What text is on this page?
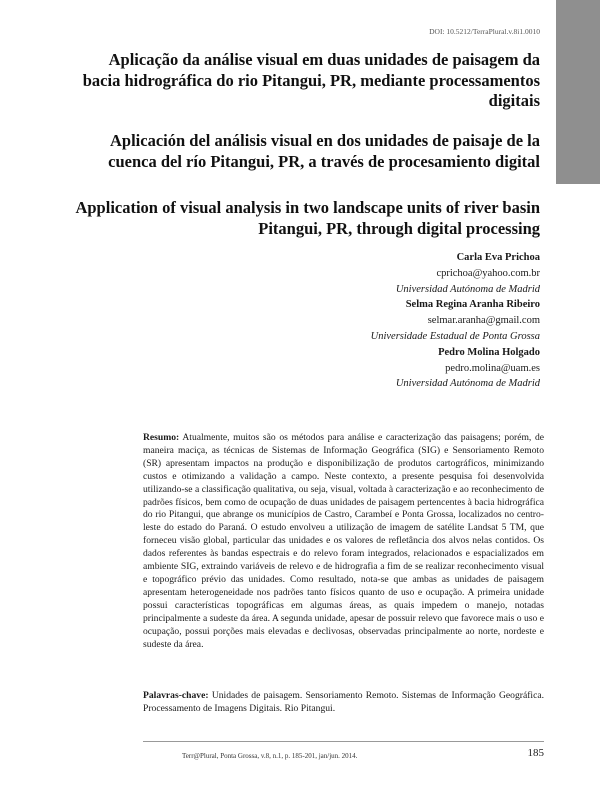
DOI: 10.5212/TerraPlural.v.8i1.0010
Aplicação da análise visual em duas unidades de paisagem da bacia hidrográfica do rio Pitangui, PR, mediante processamentos digitais
Aplicación del análisis visual en dos unidades de paisaje de la cuenca del río Pitangui, PR, a través de procesamiento digital
Application of visual analysis in two landscape units of river basin Pitangui, PR, through digital processing
Carla Eva Prichoa
cprichoa@yahoo.com.br
Universidad Autónoma de Madrid
Selma Regina Aranha Ribeiro
selmar.aranha@gmail.com
Universidade Estadual de Ponta Grossa
Pedro Molina Holgado
pedro.molina@uam.es
Universidad Autónoma de Madrid

Resumo: Atualmente, muitos são os métodos para análise e caracterização das paisagens; porém, de maneira maciça, as técnicas de Sistemas de Informação Geográfica (SIG) e Sensoriamento Remoto (SR) apresentam impactos na produção e disponibilização de produtos cartográficos, minimizando custos e otimizando a validação a campo. Neste contexto, a presente pesquisa foi desenvolvida utilizando-se a classificação qualitativa, ou seja, visual, voltada à caracterização e ao reconhecimento de padrões físicos, bem como de ocupação de duas unidades de paisagem pertencentes à bacia hidrográfica do rio Pitangui, que abrange os municípios de Castro, Carambeí e Ponta Grossa, localizados no centro-leste do estado do Paraná. O estudo envolveu a utilização de imagem de satélite Landsat 5 TM, que forneceu visão global, particular das unidades e os valores de refletância dos alvos nelas contidos. Os dados referentes às bandas espectrais e do relevo foram integrados, relacionados e espacializados em ambiente SIG, extraindo variáveis de relevo e de hidrografia a fim de se realizar reconhecimento visual e topográfico prévio das unidades. Como resultado, nota-se que ambas as unidades de paisagem apresentam heterogeneidade nos padrões tanto físicos quanto de uso e ocupação. A primeira unidade possui características topográficas em algumas áreas, as quais impedem o manejo, notadas principalmente a sudeste da área. A segunda unidade, apesar de possuir relevo que favorece mais o uso e ocupação, possui porções mais elevadas e declivosas, observadas principalmente ao norte, nordeste e sudeste da área.

Palavras-chave: Unidades de paisagem. Sensoriamento Remoto. Sistemas de Informação Geográfica. Processamento de Imagens Digitais. Rio Pitangui.

Terr@Plural, Ponta Grossa, v.8, n.1, p. 185-201, jan/jun. 2014.	185
